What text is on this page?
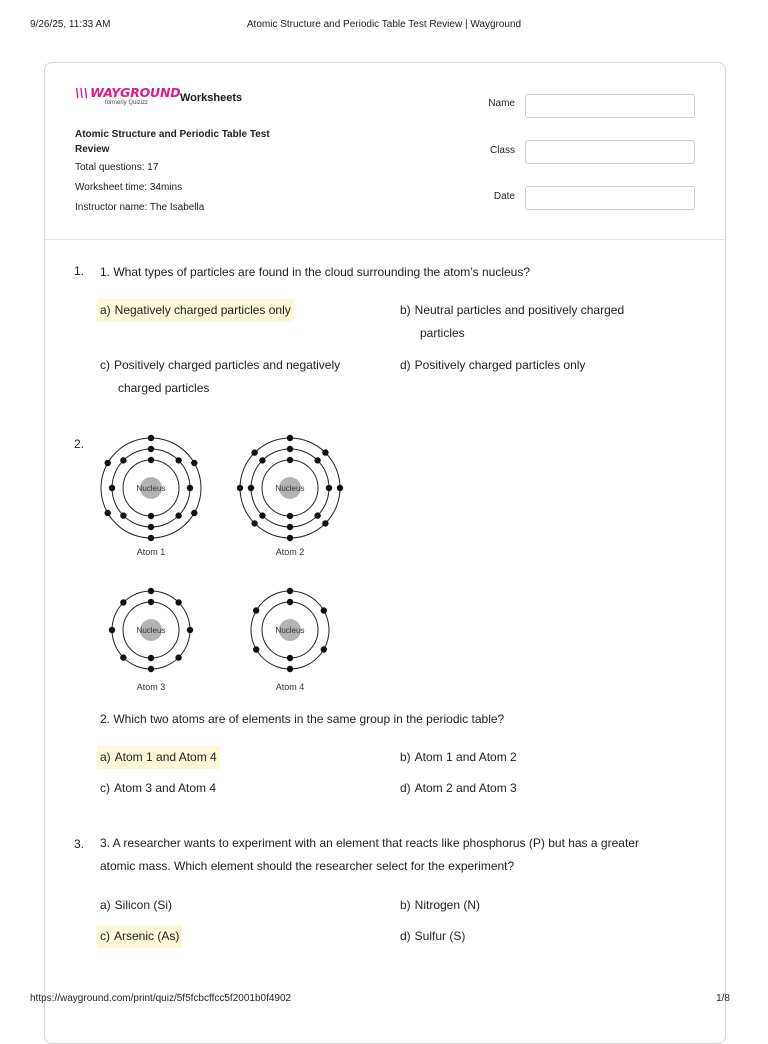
9/26/25, 11:33 AM	Atomic Structure and Periodic Table Test Review | Wayground
\\\ WAYGROUND
formerly Quizizz	Worksheets
Atomic Structure and Periodic Table Test
Review
Total questions: 17
Worksheet time: 34mins
Instructor name: The Isabella
Name
Class
Date
1. 1. What types of particles are found in the cloud surrounding the atom’s nucleus?
a) Negatively charged particles only	b) Neutral particles and positively charged
particles
c) Positively charged particles and negatively
charged particles
d) Positively charged particles only
2.
Nucleus
Atom 1
Nucleus
Atom 2
Nucleus
Atom 3
Nucleus
Atom 4
2. Which two atoms are of elements in the same group in the periodic table?
a) Atom 1 and Atom 4	b) Atom 1 and Atom 2
c) Atom 3 and Atom 4	d) Atom 2 and Atom 3
3. 3. A researcher wants to experiment with an element that reacts like phosphorus (P) but has a greater
atomic mass. Which element should the researcher select for the experiment?
a) Silicon (Si)	b) Nitrogen (N)
c) Arsenic (As)	d) Sulfur (S)
https://wayground.com/print/quiz/5f5fcbcffcc5f2001b0f4902	1/8
